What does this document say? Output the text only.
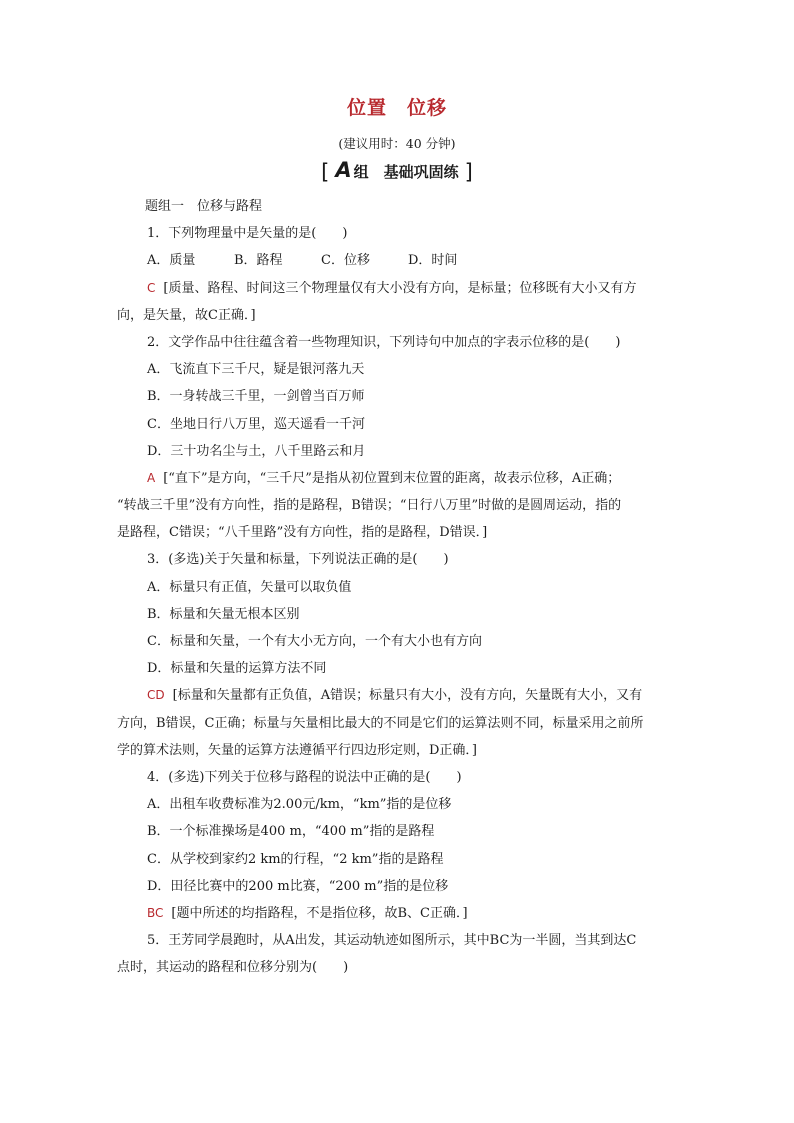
位置　位移
(建议用时：40 分钟)
[ A 组　基础巩固练 ]
题组一　位移与路程
1．下列物理量中是矢量的是(　　)
A．质量	B．路程	C．位移	D．时间
C [质量、路程、时间这三个物理量仅有大小没有方向，是标量；位移既有大小又有方
向，是矢量，故C正确．]
2．文学作品中往往蕴含着一些物理知识，下列诗句中加点的字表示位移的是(　　)
A．飞流直下三千尺，疑是银河落九天
B．一身转战三千里，一剑曾当百万师
C．坐地日行八万里，巡天遥看一千河
D．三十功名尘与土，八千里路云和月
A [“直下”是方向，“三千尺”是指从初位置到末位置的距离，故表示位移，A正确；
“转战三千里”没有方向性，指的是路程，B错误；“日行八万里”时做的是圆周运动，指的
是路程，C错误；“八千里路”没有方向性，指的是路程，D错误．]
3．(多选)关于矢量和标量，下列说法正确的是(　　)
A．标量只有正值，矢量可以取负值
B．标量和矢量无根本区别
C．标量和矢量，一个有大小无方向，一个有大小也有方向
D．标量和矢量的运算方法不同
CD [标量和矢量都有正负值，A错误；标量只有大小，没有方向，矢量既有大小，又有
方向，B错误，C正确；标量与矢量相比最大的不同是它们的运算法则不同，标量采用之前所
学的算术法则，矢量的运算方法遵循平行四边形定则，D正确．]
4．(多选)下列关于位移与路程的说法中正确的是(　　)
A．出租车收费标准为2.00元/km，“km”指的是位移
B．一个标准操场是400 m，“400 m”指的是路程
C．从学校到家约2 km的行程，“2 km”指的是路程
D．田径比赛中的200 m比赛，“200 m”指的是位移
BC [题中所述的均指路程，不是指位移，故B、C正确．]
5．王芳同学晨跑时，从A出发，其运动轨迹如图所示，其中BC为一半圆，当其到达C
点时，其运动的路程和位移分别为(　　)
